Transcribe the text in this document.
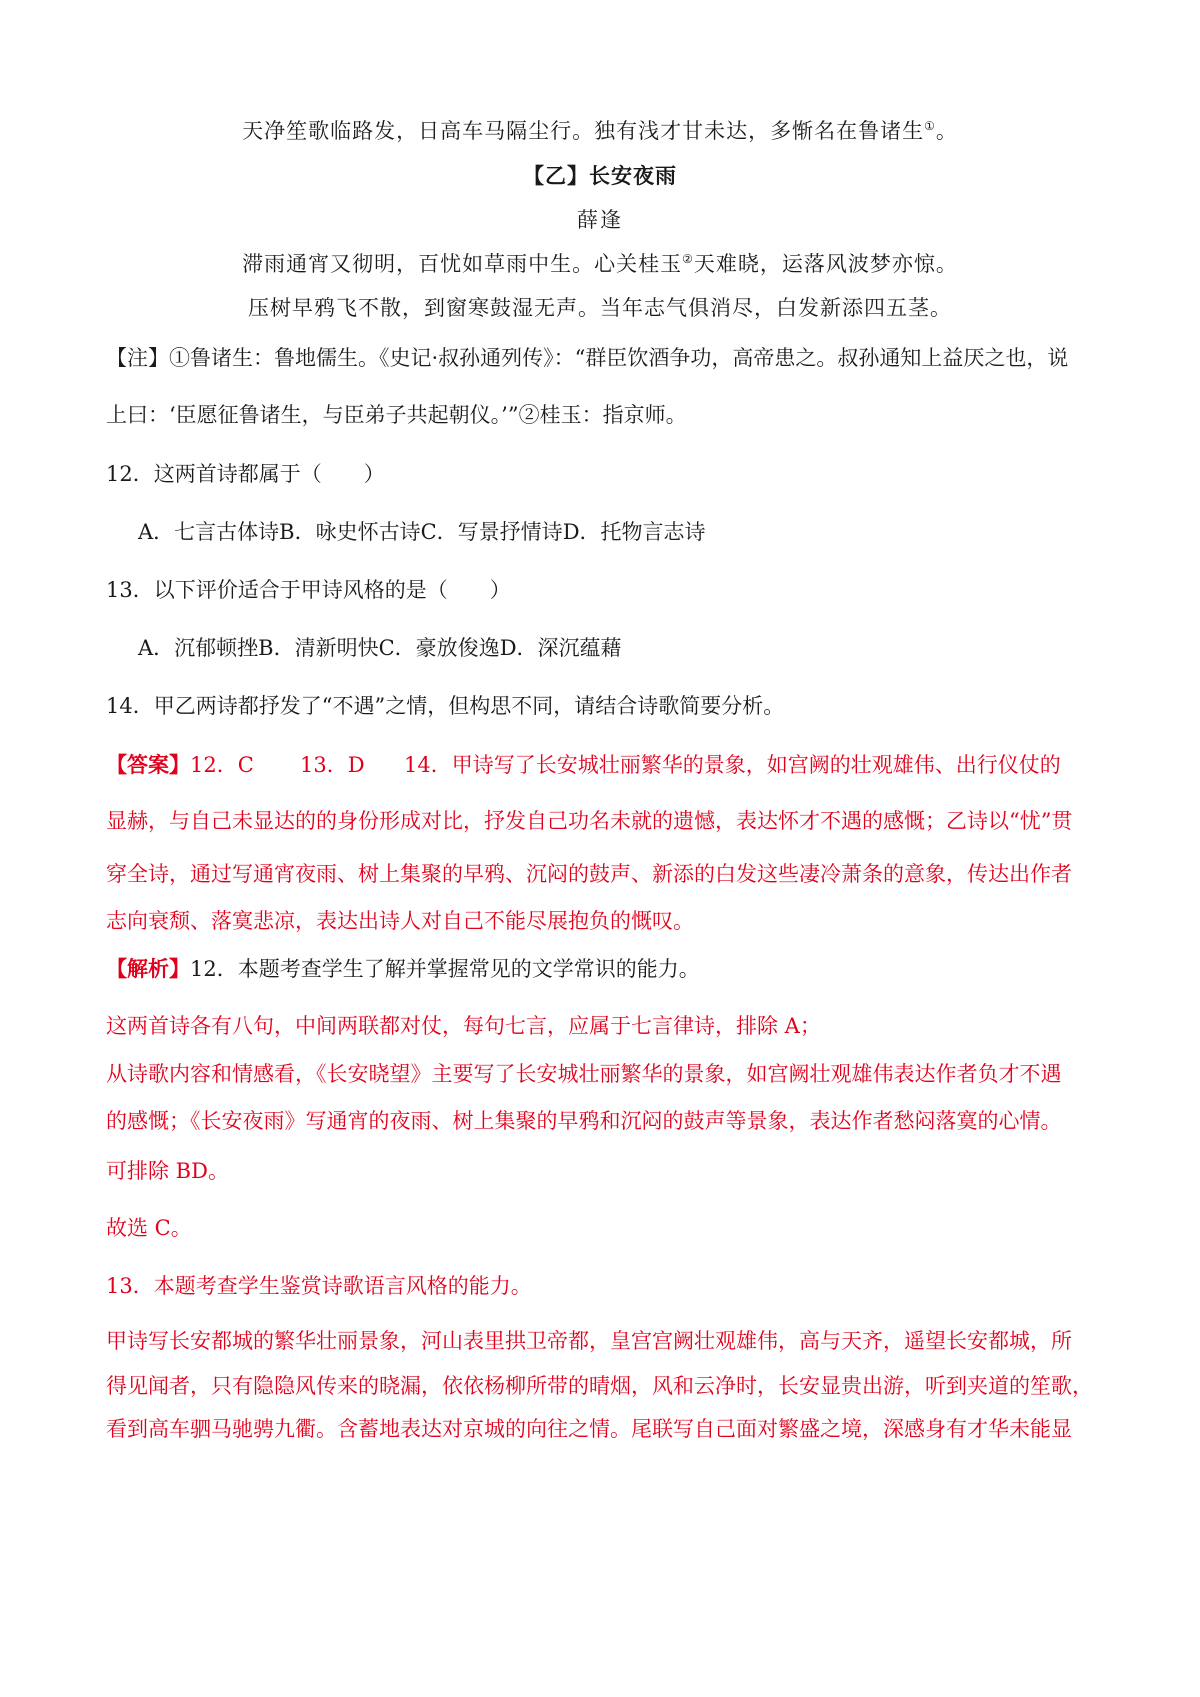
天净笙歌临路发，日高车马隔尘行。独有浅才甘未达，多惭名在鲁诸生①。
【乙】长安夜雨
薛逢
滞雨通宵又彻明，百忧如草雨中生。心关桂玉②天难晓，运落风波梦亦惊。
压树早鸦飞不散，到窗寒鼓湿无声。当年志气俱消尽，白发新添四五茎。
【注】①鲁诸生：鲁地儒生。《史记·叔孙通列传》：“群臣饮酒争功，高帝患之。叔孙通知上益厌之也，说
上曰：‘臣愿征鲁诸生，与臣弟子共起朝仪。’”②桂玉：指京师。
12．这两首诗都属于（　　）
A．七言古体诗B．咏史怀古诗C．写景抒情诗D．托物言志诗
13．以下评价适合于甲诗风格的是（　　）
A．沉郁顿挫B．清新明快C．豪放俊逸D．深沉蕴藉
14．甲乙两诗都抒发了“不遇”之情，但构思不同，请结合诗歌简要分析。
【答案】12．C 13．D 14．甲诗写了长安城壮丽繁华的景象，如宫阙的壮观雄伟、出行仪仗的
显赫，与自己未显达的的身份形成对比，抒发自己功名未就的遗憾，表达怀才不遇的感慨；乙诗以“忧”贯
穿全诗，通过写通宵夜雨、树上集聚的早鸦、沉闷的鼓声、新添的白发这些凄冷萧条的意象，传达出作者
志向衰颓、落寞悲凉，表达出诗人对自己不能尽展抱负的慨叹。
【解析】12．本题考查学生了解并掌握常见的文学常识的能力。
这两首诗各有八句，中间两联都对仗，每句七言，应属于七言律诗，排除 A；
从诗歌内容和情感看，《长安晓望》主要写了长安城壮丽繁华的景象，如宫阙壮观雄伟表达作者负才不遇
的感慨；《长安夜雨》写通宵的夜雨、树上集聚的早鸦和沉闷的鼓声等景象，表达作者愁闷落寞的心情。
可排除 BD。
故选 C。
13．本题考查学生鉴赏诗歌语言风格的能力。
甲诗写长安都城的繁华壮丽景象，河山表里拱卫帝都，皇宫宫阙壮观雄伟，高与天齐，遥望长安都城，所
得见闻者，只有隐隐风传来的晓漏，依依杨柳所带的晴烟，风和云净时，长安显贵出游，听到夹道的笙歌，
看到高车驷马驰骋九衢。含蓄地表达对京城的向往之情。尾联写自己面对繁盛之境，深感身有才华未能显
